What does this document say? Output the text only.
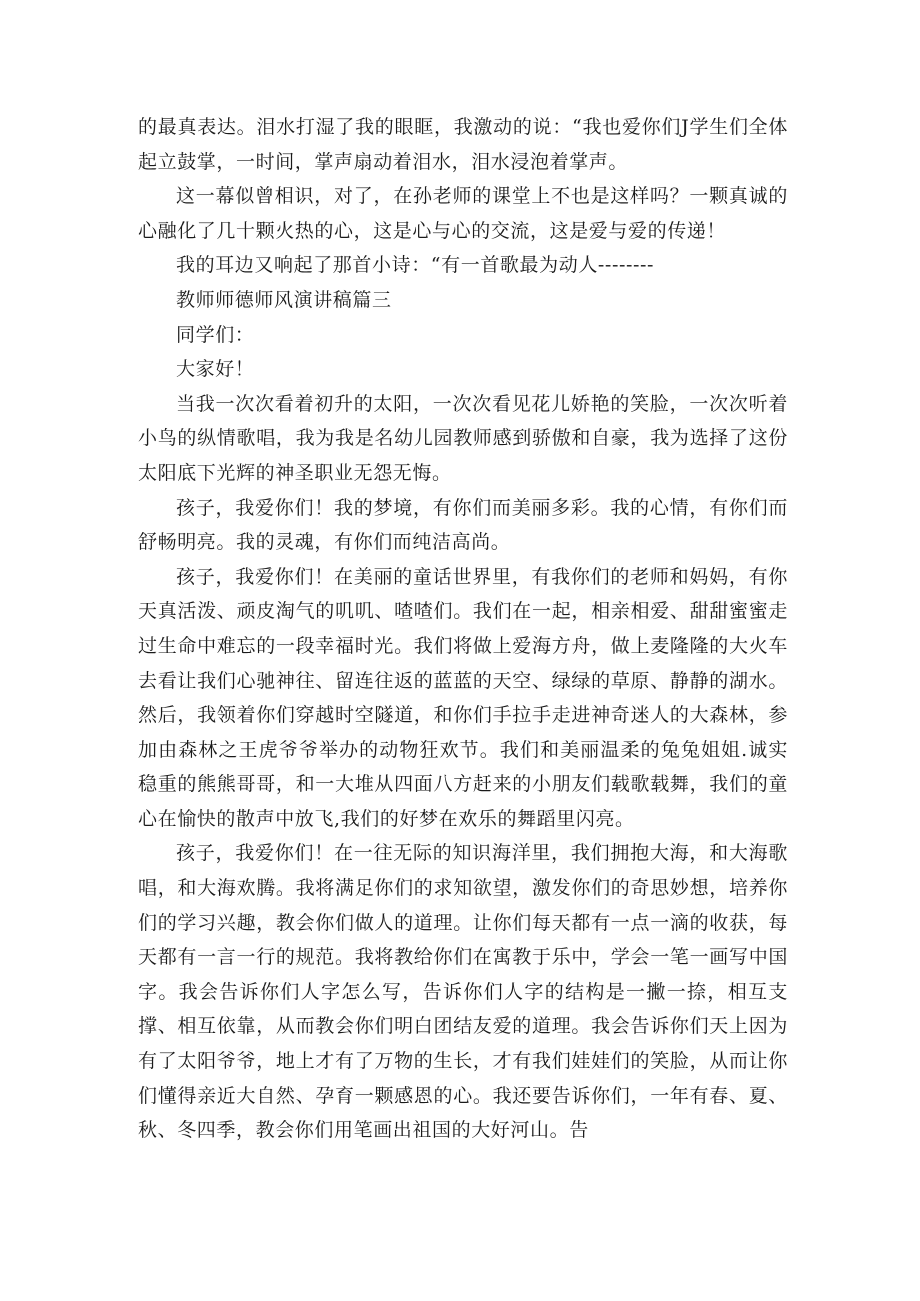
的最真表达。泪水打湿了我的眼眶，我激动的说：“我也爱你们J学生们全体起立鼓掌，一时间，掌声扇动着泪水，泪水浸泡着掌声。

这一幕似曾相识，对了，在孙老师的课堂上不也是这样吗？一颗真诚的心融化了几十颗火热的心，这是心与心的交流，这是爱与爱的传递！

我的耳边又响起了那首小诗：“有一首歌最为动人--------

教师师德师风演讲稿篇三

同学们：

大家好！

当我一次次看着初升的太阳，一次次看见花儿娇艳的笑脸，一次次听着小鸟的纵情歌唱，我为我是名幼儿园教师感到骄傲和自豪，我为选择了这份太阳底下光辉的神圣职业无怨无悔。

孩子，我爱你们！我的梦境，有你们而美丽多彩。我的心情，有你们而舒畅明亮。我的灵魂，有你们而纯洁高尚。

孩子，我爱你们！在美丽的童话世界里，有我你们的老师和妈妈，有你天真活泼、顽皮淘气的叽叽、喳喳们。我们在一起，相亲相爱、甜甜蜜蜜走过生命中难忘的一段幸福时光。我们将做上爱海方舟，做上麦隆隆的大火车去看让我们心驰神往、留连往返的蓝蓝的天空、绿绿的草原、静静的湖水。然后，我领着你们穿越时空隧道，和你们手拉手走进神奇迷人的大森林，参加由森林之王虎爷爷举办的动物狂欢节。我们和美丽温柔的兔兔姐姐.诚实稳重的熊熊哥哥，和一大堆从四面八方赶来的小朋友们载歌载舞，我们的童心在愉快的散声中放飞,我们的好梦在欢乐的舞蹈里闪亮。

孩子，我爱你们！在一往无际的知识海洋里，我们拥抱大海，和大海歌唱，和大海欢腾。我将满足你们的求知欲望，激发你们的奇思妙想，培养你们的学习兴趣，教会你们做人的道理。让你们每天都有一点一滴的收获，每天都有一言一行的规范。我将教给你们在寓教于乐中，学会一笔一画写中国字。我会告诉你们人字怎么写，告诉你们人字的结构是一撇一捺，相互支撑、相互依靠，从而教会你们明白团结友爱的道理。我会告诉你们天上因为有了太阳爷爷，地上才有了万物的生长，才有我们娃娃们的笑脸，从而让你们懂得亲近大自然、孕育一颗感恩的心。我还要告诉你们，一年有春、夏、秋、冬四季，教会你们用笔画出祖国的大好河山。告
